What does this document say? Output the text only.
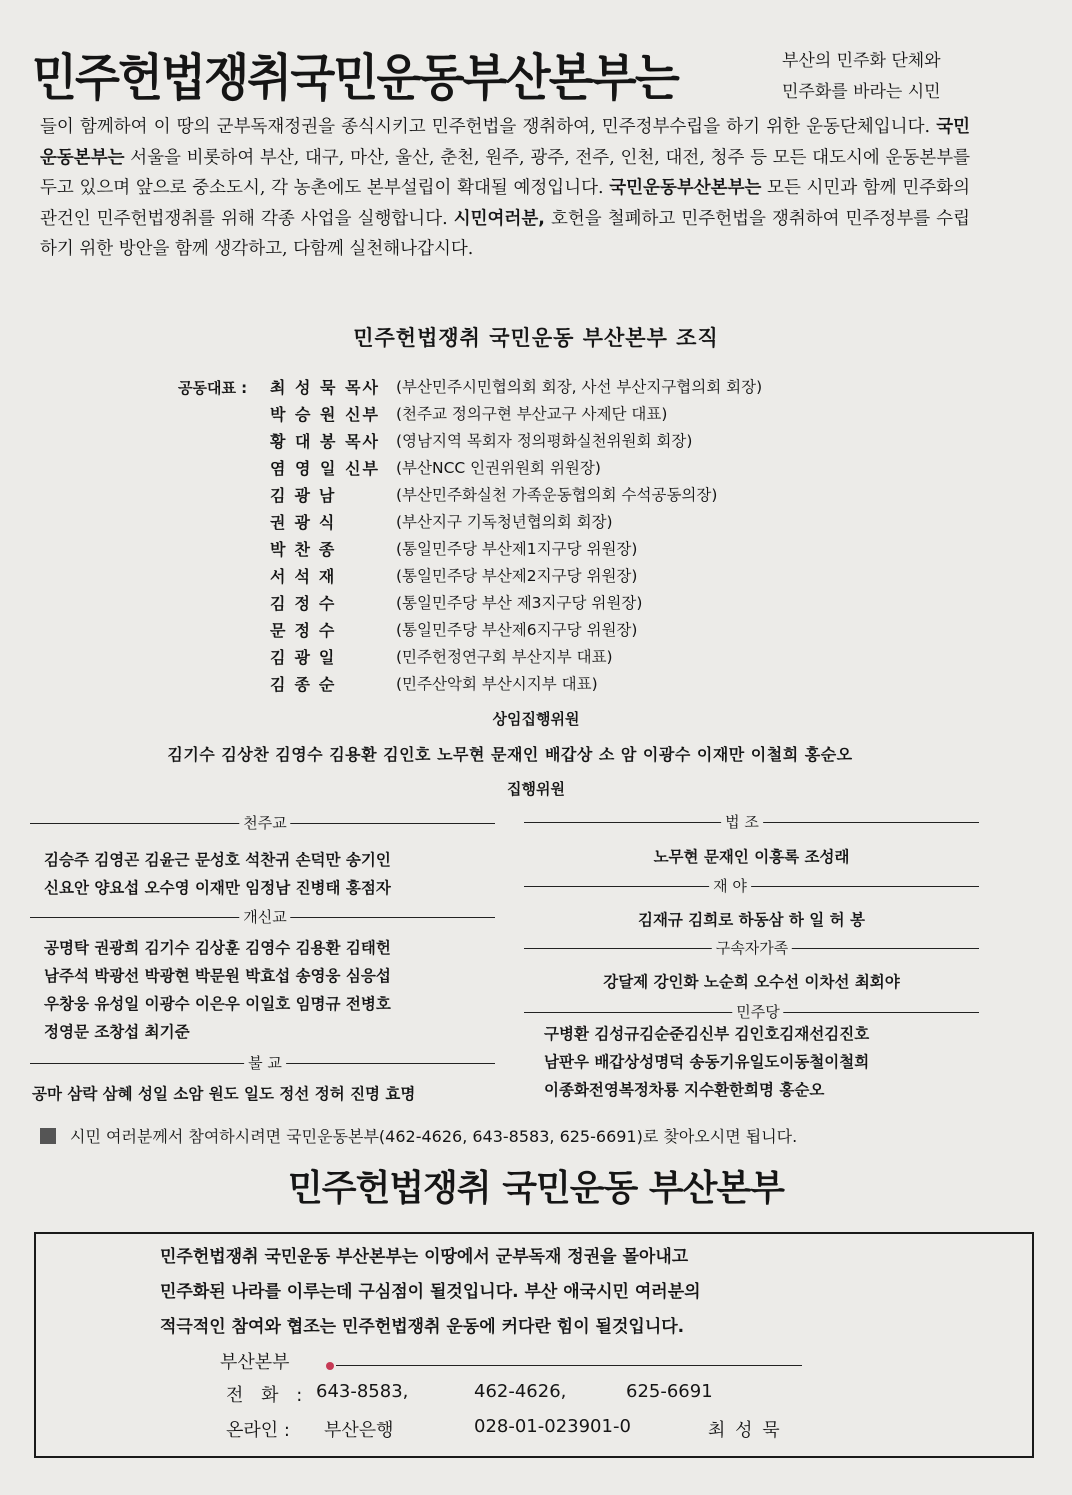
민주헌법쟁취국민운동부산본부는	부산의 민주화 단체와
민주화를 바라는 시민
들이 함께하여 이 땅의 군부독재정권을 종식시키고 민주헌법을 쟁취하여, 민주정부수립을 하기 위한 운동단체입니다. 국민운동본부는 서울을 비롯하여 부산, 대구, 마산, 울산, 춘천, 원주, 광주, 전주, 인천, 대전, 청주 등 모든 대도시에 운동본부를 두고 있으며 앞으로 중소도시, 각 농촌에도 본부설립이 확대될 예정입니다. 국민운동부산본부는 모든 시민과 함께 민주화의 관건인 민주헌법쟁취를 위해 각종 사업을 실행합니다. 시민여러분, 호헌을 철폐하고 민주헌법을 쟁취하여 민주정부를 수립하기 위한 방안을 함께 생각하고, 다함께 실천해나갑시다.
민주헌법쟁취 국민운동 부산본부 조직
공동대표 : 최 성 묵 목사	(부산민주시민협의회 회장, 사선 부산지구협의회 회장)
박 승 원 신부	(천주교 정의구현 부산교구 사제단 대표)
황 대 봉 목사	(영남지역 목회자 정의평화실천위원회 회장)
염 영 일 신부	(부산NCC 인권위원회 위원장)
김광남	(부산민주화실천 가족운동협의회 수석공동의장)
권광식	(부산지구 기독청년협의회 회장)
박찬종	(통일민주당 부산제1지구당 위원장)
서석재	(통일민주당 부산제2지구당 위원장)
김정수	(통일민주당 부산 제3지구당 위원장)
문정수	(통일민주당 부산제6지구당 위원장)
김광일	(민주헌정연구회 부산지부 대표)
김종순	(민주산악회 부산시지부 대표)
상임집행위원
김기수 김상찬 김영수 김용환 김인호 노무현 문재인 배갑상 소 암 이광수 이재만 이철희 홍순오
집행위원
천주교
김승주 김영곤 김윤근 문성호 석찬귀 손덕만 송기인
신요안 양요섭 오수영 이재만 임정남 진병태 홍점자
개신교
공명탁 권광희 김기수 김상훈 김영수 김용환 김태헌
남주석 박광선 박광현 박문원 박효섭 송영웅 심응섭
우창웅 유성일 이광수 이은우 이일호 임명규 전병호
정영문 조창섭 최기준
불 교
공마 삼락 삼혜 성일 소암 원도 일도 정선 정허 진명 효명
법 조
노무현 문재인 이흥록 조성래
재 야
김재규 김희로 하동삼 하 일 허 봉
구속자가족
강달제 강인화 노순희 오수선 이차선 최회야
민주당
구병환 김성규김순준김신부 김인호김재선김진호
남판우 배갑상성명덕 송동기유일도이동철이철희
이종화전영복정차룡 지수환한희명 홍순오
시민 여러분께서 참여하시려면 국민운동본부(462-4626, 643-8583, 625-6691)로 찾아오시면 됩니다.
민주헌법쟁취 국민운동 부산본부
민주헌법쟁취 국민운동 부산본부는 이땅에서 군부독재 정권을 몰아내고
민주화된 나라를 이루는데 구심점이 될것입니다. 부산 애국시민 여러분의
적극적인 참여와 협조는 민주헌법쟁취 운동에 커다란 힘이 될것입니다.
부산본부
전 화 : 643-8583,	462-4626,	625-6691
온라인 : 부산은행	028-01-023901-0	최 성 묵
